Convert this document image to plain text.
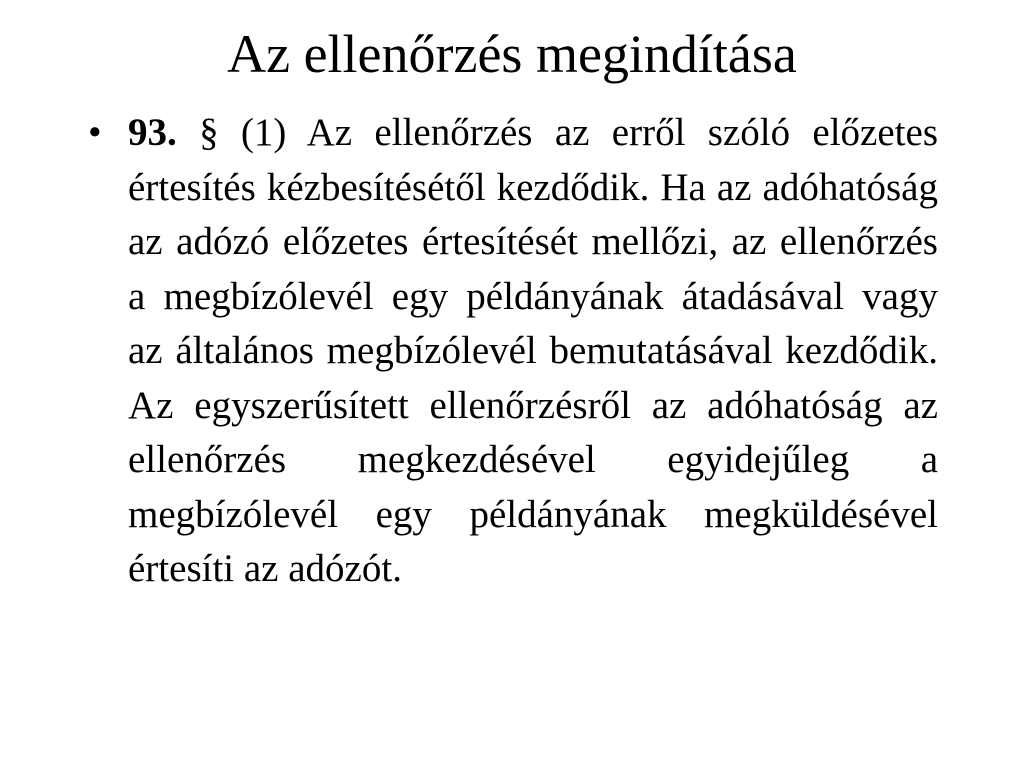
Az ellenőrzés megindítása
• 93. § (1) Az ellenőrzés az erről szóló előzetes értesítés kézbesítésétől kezdődik. Ha az adóhatóság az adózó előzetes értesítését mellőzi, az ellenőrzés a megbízólevél egy példányának átadásával vagy az általános megbízólevél bemutatásával kezdődik. Az egyszerűsített ellenőrzésről az adóhatóság az ellenőrzés megkezdésével egyidejűleg a megbízólevél egy példányának megküldésével értesíti az adózót.
